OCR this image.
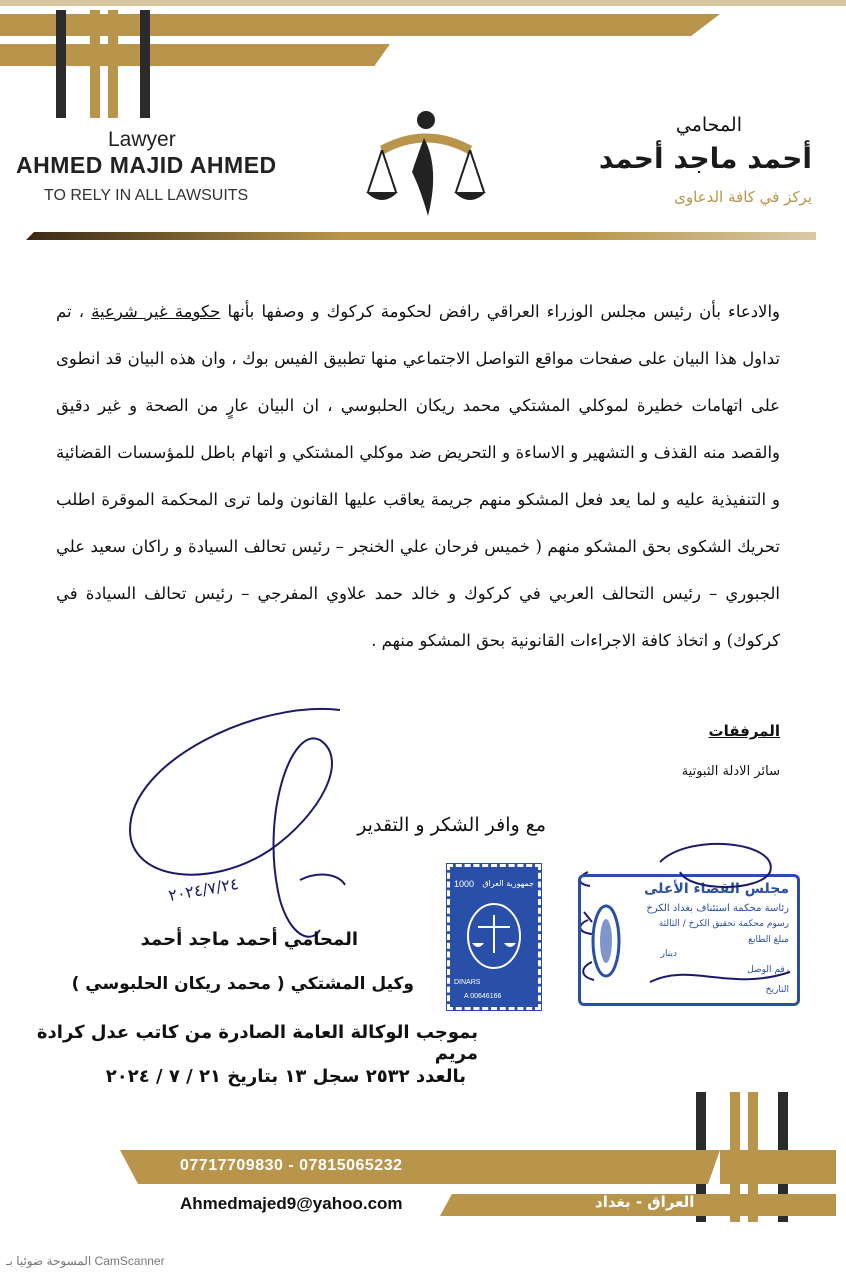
Lawyer
AHMED MAJID AHMED
TO RELY IN ALL LAWSUITS
المحامي
أحمد ماجد أحمد
يركز في كافة الدعاوى

والادعاء بأن رئيس مجلس الوزراء العراقي رافض لحكومة كركوك و وصفها بأنها حكومة غير شرعية ، تم تداول هذا البيان على صفحات مواقع التواصل الاجتماعي منها تطبيق الفيس بوك ، وان هذه البيان قد انطوى على اتهامات خطيرة لموكلي المشتكي محمد ريكان الحلبوسي ، ان البيان عارٍ من الصحة و غير دقيق والقصد منه القذف و التشهير و الاساءة و التحريض ضد موكلي المشتكي و اتهام باطل للمؤسسات القضائية و التنفيذية عليه و لما يعد فعل المشكو منهم جريمة يعاقب عليها القانون ولما ترى المحكمة الموقرة اطلب تحريك الشكوى بحق المشكو منهم ( خميس فرحان علي الخنجر – رئيس تحالف السيادة و راكان سعيد علي الجبوري – رئيس التحالف العربي في كركوك و خالد حمد علاوي المفرجي – رئيس تحالف السيادة في كركوك) و اتخاذ كافة الاجراءات القانونية بحق المشكو منهم .

المرفقات
سائر الادلة الثبوتية
مع وافر الشكر و التقدير
٢٠٢٤/٧/٢٤
المحامي أحمد ماجد أحمد
وكيل المشتكي ( محمد ريكان الحلبوسي )
بموجب الوكالة العامة الصادرة من كاتب عدل كرادة مريم
بالعدد ٢٥٣٢ سجل ١٣ بتاريخ ٢١ / ٧ / ٢٠٢٤
1000 جمهورية العراق
DINARS
A 00646166
مجلس القضاء الأعلى
رئاسة محكمة استئناف بغداد الكرخ
رسوم محكمة تحقيق الكرخ / الثالثة
مبلغ الطابع
دينار
رقم الوصل
التاريخ
07717709830 - 07815065232
Ahmedmajed9@yahoo.com	العراق - بغداد
المسوحة ضوئيا بـ CamScanner
